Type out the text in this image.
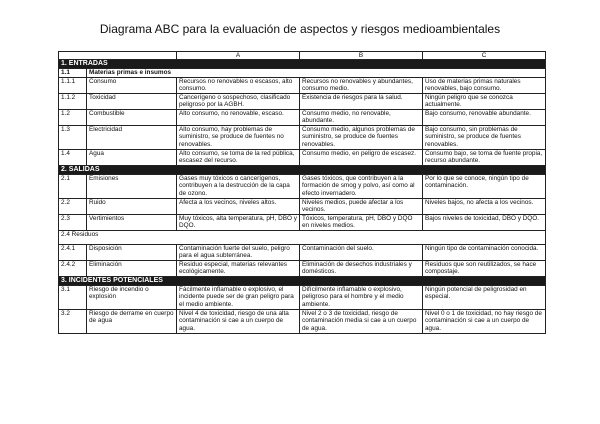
Diagrama ABC para la evaluación de aspectos y riesgos medioambientales
		A	B	C
1. ENTRADAS				
1.1	Materias primas e insumos			
1.1.1	Consumo	Recursos no renovables o escasos, alto consumo.	Recursos no renovables y abundantes, consumo medio.	Uso de materias primas naturales renovables, bajo consumo.
1.1.2	Toxicidad	Cancerígeno o sospechoso, clasificado peligroso por la AGBH.	Existencia de riesgos para la salud.	Ningún peligro que se conozca actualmente.
1.2	Combustible	Alto consumo, no renovable, escaso.	Consumo medio, no renovable, abundante.	Bajo consumo, renovable abundante.
1.3	Electricidad	Alto consumo, hay problemas de suministro, se produce de fuentes no renovables.	Consumo medio, algunos problemas de suministro, se produce de fuentes renovables.	Bajo consumo, sin problemas de suministro, se produce de fuentes renovables.
1.4	Agua	Alto consumo, se toma de la red pública, escasez del recurso.	Consumo medio, en peligro de escasez.	Consumo bajo, se toma de fuente propia, recurso abundante.
2. SALIDAS				
2.1	Emisiones	Gases muy tóxicos o cancerígenos, contribuyen a la destrucción de la capa de ozono.	Gases tóxicos, que contribuyen a la formación de smog y polvo, así como al efecto invernadero.	Por lo que se conoce, ningún tipo de contaminación.
2.2	Ruido	Afecta a los vecinos, niveles altos.	Niveles medios, puede afectar a los vecinos.	Niveles bajos, no afecta a los vecinos.
2.3	Vertimientos	Muy tóxicos, alta temperatura, pH, DBO y DQO.	Tóxicos, temperatura, pH, DBO y DQO en niveles medios.	Bajos niveles de toxicidad, DBO y DQO.
2.4 Residuos				
2.4.1	Disposición	Contaminación fuerte del suelo, peligro para el agua subterránea.	Contaminación del suelo.	Ningún tipo de contaminación conocida.
2.4.2	Eliminación	Residuo especial, materias relevantes ecológicamente.	Eliminación de desechos industriales y domésticos.	Residuos que son reutilizados, se hace compostaje.
3. INCIDENTES POTENCIALES				
3.1	Riesgo de incendio o explosión	Fácilmente inflamable o explosivo, el incidente puede ser de gran peligro para el medio ambiente.	Difícilmente inflamable o explosivo, peligroso para el hombre y el medio ambiente.	Ningún potencial de peligrosidad en especial.
3.2	Riesgo de derrame en cuerpo de agua	Nivel 4 de toxicidad, riesgo de una alta contaminación si cae a un cuerpo de agua.	Nivel 2 o 3 de toxicidad, riesgo de contaminación media si cae a un cuerpo de agua.	Nivel 0 o 1 de toxicidad, no hay riesgo de contaminación si cae a un cuerpo de agua.
